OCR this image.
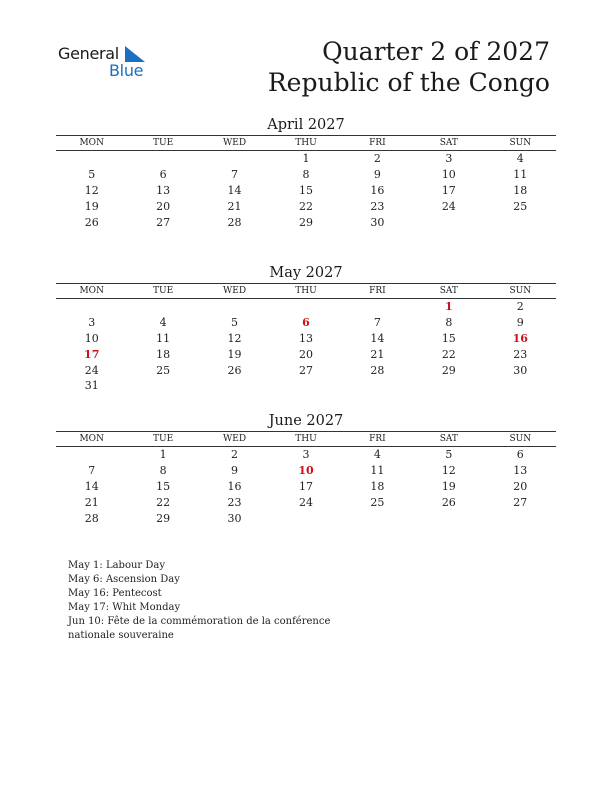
General
Blue
Quarter 2 of 2027
Republic of the Congo
April 2027
MON	TUE	WED	THU	FRI	SAT	SUN
			1	2	3	4
5	6	7	8	9	10	11
12	13	14	15	16	17	18
19	20	21	22	23	24	25
26	27	28	29	30		
May 2027
MON	TUE	WED	THU	FRI	SAT	SUN
					1	2
3	4	5	6	7	8	9
10	11	12	13	14	15	16
17	18	19	20	21	22	23
24	25	26	27	28	29	30
31						
June 2027
MON	TUE	WED	THU	FRI	SAT	SUN
	1	2	3	4	5	6
7	8	9	10	11	12	13
14	15	16	17	18	19	20
21	22	23	24	25	26	27
28	29	30				
May 1: Labour Day
May 6: Ascension Day
May 16: Pentecost
May 17: Whit Monday
Jun 10: Fête de la commémoration de la conférence nationale souveraine
